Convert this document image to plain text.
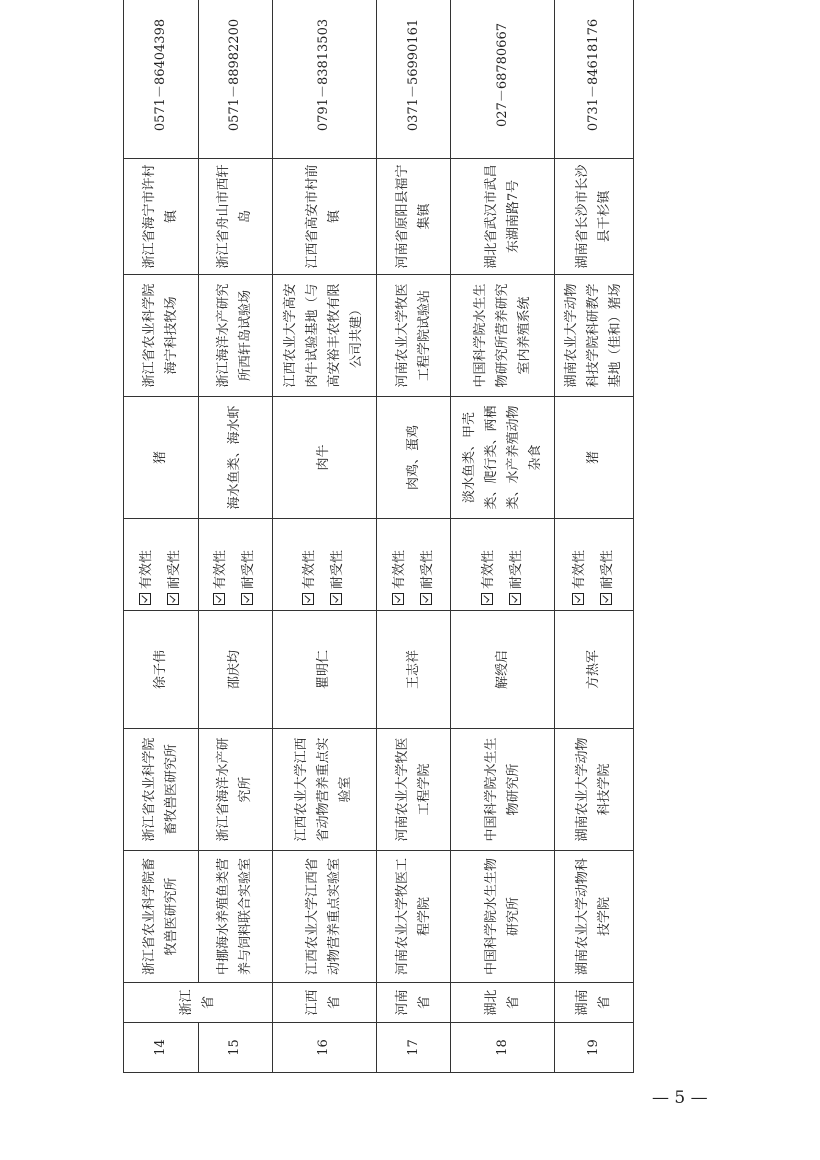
14	浙江省	浙江省农业科学院畜牧兽医研究所	浙江省农业科学院畜牧兽医研究所	徐子伟	有效性 耐受性	猪	浙江省农业科学院海宁科技牧场	浙江省海宁市许村镇	0571－86404398
15		中挪海水养殖鱼类营养与饲料联合实验室	浙江省海洋水产研究所	邵庆均	有效性 耐受性	海水鱼类、海水虾	浙江海洋水产研究所西轩岛试验场	浙江省舟山市西轩岛	0571－88982200
16	江西省	江西农业大学江西省动物营养重点实验室	江西农业大学江西省动物营养重点实验室	瞿明仁	有效性 耐受性	肉牛	江西农业大学高安肉牛试验基地（与高安裕丰农牧有限公司共建）	江西省高安市村前镇	0791－83813503
17	河南省	河南农业大学牧医工程学院	河南农业大学牧医工程学院	王志祥	有效性 耐受性	肉鸡、蛋鸡	河南农业大学牧医工程学院试验站	河南省原阳县福宁集镇	0371－56990161
18	湖北省	中国科学院水生生物研究所	中国科学院水生生物研究所	解绶启	有效性 耐受性	淡水鱼类、甲壳类、爬行类、两栖类、水产养殖动物杂食	中国科学院水生生物研究所营养研究室内养殖系统	湖北省武汉市武昌东湖南路7号	027－68780667
19	湖南省	湖南农业大学动物科技学院	湖南农业大学动物科技学院	方热军	有效性 耐受性	猪	湖南农业大学动物科技学院科研教学基地（佳和）猪场	湖南省长沙市长沙县干杉镇	0731－84618176
— 5 —
